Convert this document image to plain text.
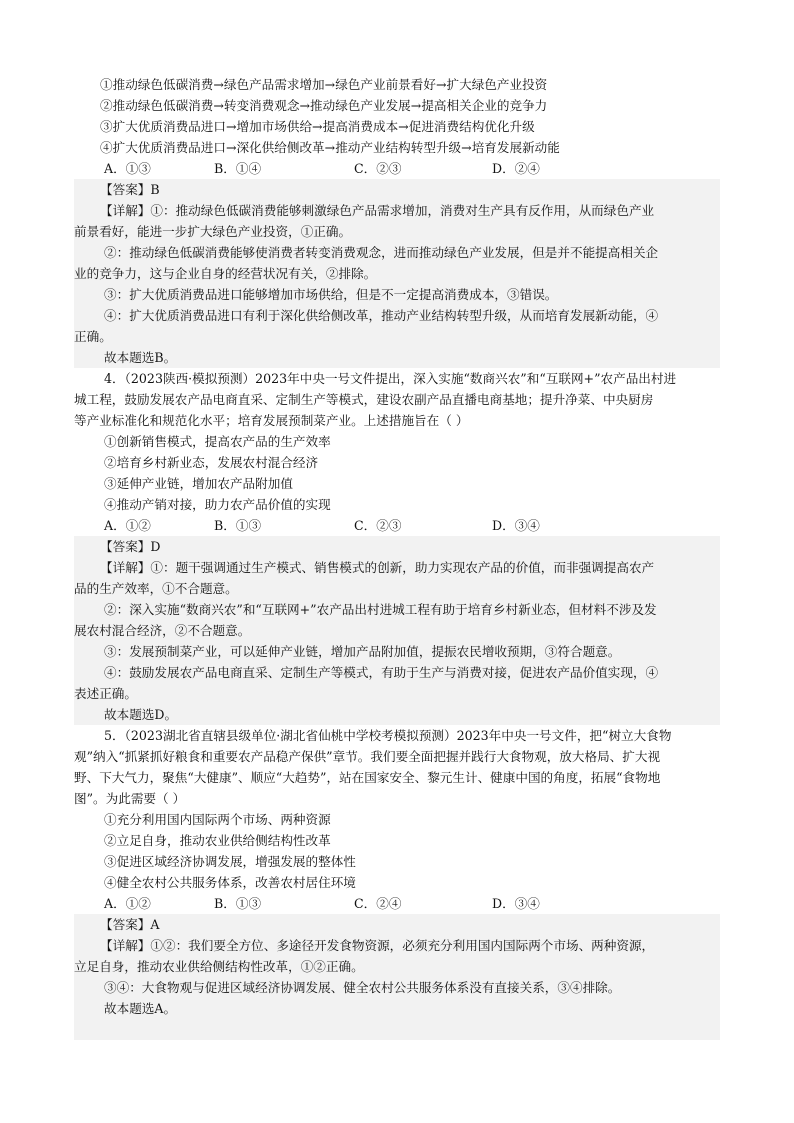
①推动绿色低碳消费→绿色产品需求增加→绿色产业前景看好→扩大绿色产业投资
②推动绿色低碳消费→转变消费观念→推动绿色产业发展→提高相关企业的竞争力
③扩大优质消费品进口→增加市场供给→提高消费成本→促进消费结构优化升级
④扩大优质消费品进口→深化供给侧改革→推动产业结构转型升级→培育发展新动能
A．①③	B．①④	C．②③	D．②④
【答案】B
【详解】①：推动绿色低碳消费能够刺激绿色产品需求增加，消费对生产具有反作用，从而绿色产业
前景看好，能进一步扩大绿色产业投资，①正确。
②：推动绿色低碳消费能够使消费者转变消费观念，进而推动绿色产业发展，但是并不能提高相关企
业的竞争力，这与企业自身的经营状况有关，②排除。
③：扩大优质消费品进口能够增加市场供给，但是不一定提高消费成本，③错误。
④：扩大优质消费品进口有利于深化供给侧改革，推动产业结构转型升级，从而培育发展新动能，④
正确。
故本题选B。
4．（2023陕西·模拟预测）2023年中央一号文件提出，深入实施“数商兴农”和“互联网+”农产品出村进
城工程，鼓励发展农产品电商直采、定制生产等模式，建设农副产品直播电商基地；提升净菜、中央厨房
等产业标准化和规范化水平；培育发展预制菜产业。上述措施旨在（ ）
①创新销售模式，提高农产品的生产效率
②培育乡村新业态，发展农村混合经济
③延伸产业链，增加农产品附加值
④推动产销对接，助力农产品价值的实现
A．①②	B．①③	C．②③	D．③④
【答案】D
【详解】①：题干强调通过生产模式、销售模式的创新，助力实现农产品的价值，而非强调提高农产
品的生产效率，①不合题意。
②：深入实施“数商兴农”和“互联网+”农产品出村进城工程有助于培育乡村新业态，但材料不涉及发
展农村混合经济，②不合题意。
③：发展预制菜产业，可以延伸产业链，增加产品附加值，提振农民增收预期，③符合题意。
④：鼓励发展农产品电商直采、定制生产等模式，有助于生产与消费对接，促进农产品价值实现，④
表述正确。
故本题选D。
5．（2023湖北省直辖县级单位·湖北省仙桃中学校考模拟预测）2023年中央一号文件，把“树立大食物
观”纳入“抓紧抓好粮食和重要农产品稳产保供”章节。我们要全面把握并践行大食物观，放大格局、扩大视
野、下大气力，聚焦“大健康”、顺应“大趋势”，站在国家安全、黎元生计、健康中国的角度，拓展“食物地
图”。为此需要（ ）
①充分利用国内国际两个市场、两种资源
②立足自身，推动农业供给侧结构性改革
③促进区域经济协调发展，增强发展的整体性
④健全农村公共服务体系，改善农村居住环境
A．①②	B．①③	C．②④	D．③④
【答案】A
【详解】①②：我们要全方位、多途径开发食物资源，必须充分利用国内国际两个市场、两种资源，
立足自身，推动农业供给侧结构性改革，①②正确。
③④：大食物观与促进区域经济协调发展、健全农村公共服务体系没有直接关系，③④排除。
故本题选A。
